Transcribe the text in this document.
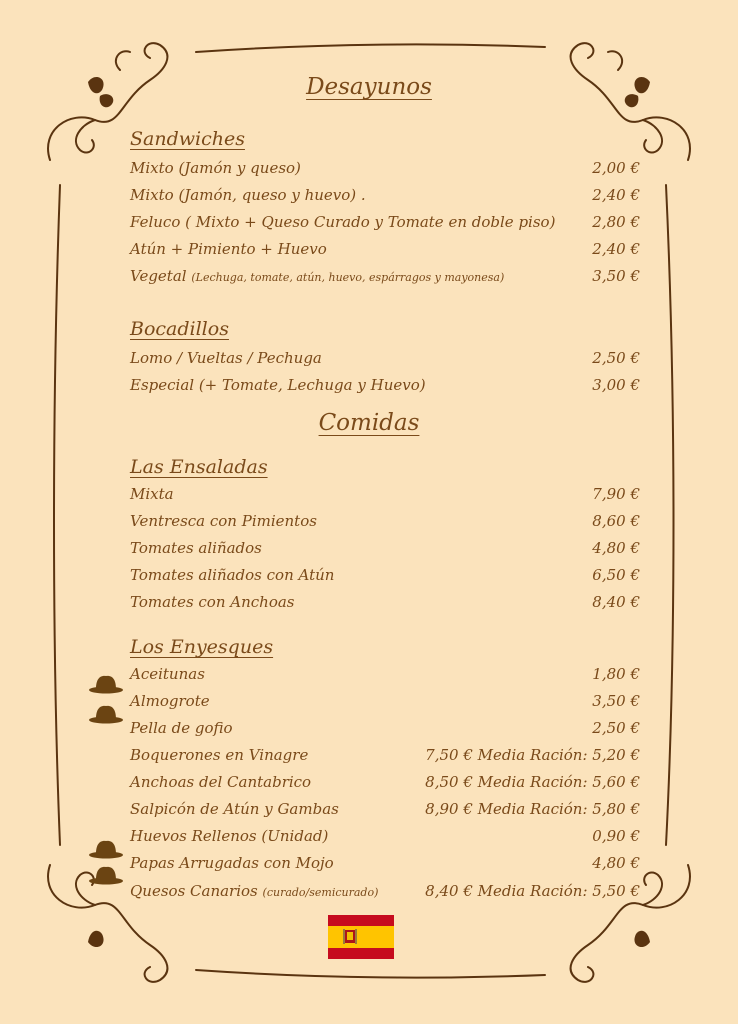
Desayunos
Sandwiches
Mixto (Jamón y queso)	2,00 €
Mixto (Jamón, queso y huevo) .	2,40 €
Feluco ( Mixto + Queso Curado y Tomate en doble piso) 2,80 €
Atún + Pimiento + Huevo	2,40 €
Vegetal (Lechuga, tomate, atún, huevo, espárragos y mayonesa)	3,50 €
Bocadillos
Lomo / Vueltas / Pechuga	2,50 €
Especial (+ Tomate, Lechuga y Huevo)	3,00 €
Comidas
Las Ensaladas
Mixta	7,90 €
Ventresca con Pimientos	8,60 €
Tomates aliñados	4,80 €
Tomates aliñados con Atún	6,50 €
Tomates con Anchoas	8,40 €
Los Enyesques
Aceitunas	1,80 €
Almogrote	3,50 €
Pella de gofio	2,50 €
Boquerones en Vinagre	7,50 € Media Ración: 5,20 €
Anchoas del Cantabrico	8,50 € Media Ración: 5,60 €
Salpicón de Atún y Gambas	8,90 € Media Ración: 5,80 €
Huevos Rellenos (Unidad)	0,90 €
Papas Arrugadas con Mojo	4,80 €
Quesos Canarios (curado/semicurado)	8,40 € Media Ración: 5,50 €
